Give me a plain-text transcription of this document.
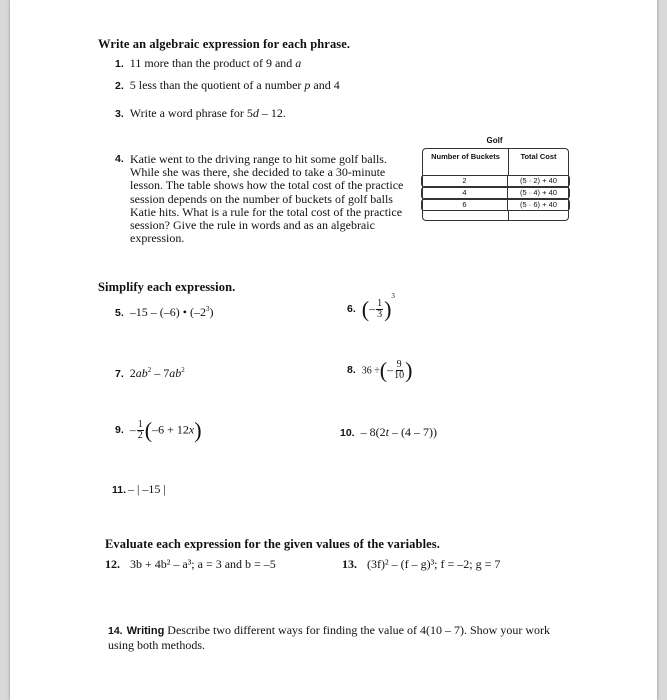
Write an algebraic expression for each phrase.
1. 11 more than the product of 9 and a
2. 5 less than the quotient of a number p and 4
3. Write a word phrase for 5d – 12.
4. Katie went to the driving range to hit some golf balls. While she was there, she decided to take a 30-minute lesson. The table shows how the total cost of the practice session depends on the number of buckets of golf balls Katie hits. What is a rule for the total cost of the practice session? Give the rule in words and as an algebraic expression.
Golf
Number of Buckets	Total Cost
2	(5 · 2) + 40
4	(5 · 4) + 40
6	(5 · 6) + 40
Simplify each expression.
5. –15 – (–6) • $(-2^3)$	6. (– $\frac{1}{3} )^3$
7. $2ab^2 - 7ab^2$	8. 36 ÷(– $\frac{9}{10}$ )
9. – $\frac{1}{2} (-6 + 12x)$	10. – 8(2t – (4 – 7))
11. – | –15 |
Evaluate each expression for the given values of the variables.
12. 3b + 4b² – a³; a = 3 and b = –5	13. (3f)² – (f – g)³; f = –2; g = 7
14. Writing Describe two different ways for finding the value of 4(10 – 7). Show your work using both methods.
